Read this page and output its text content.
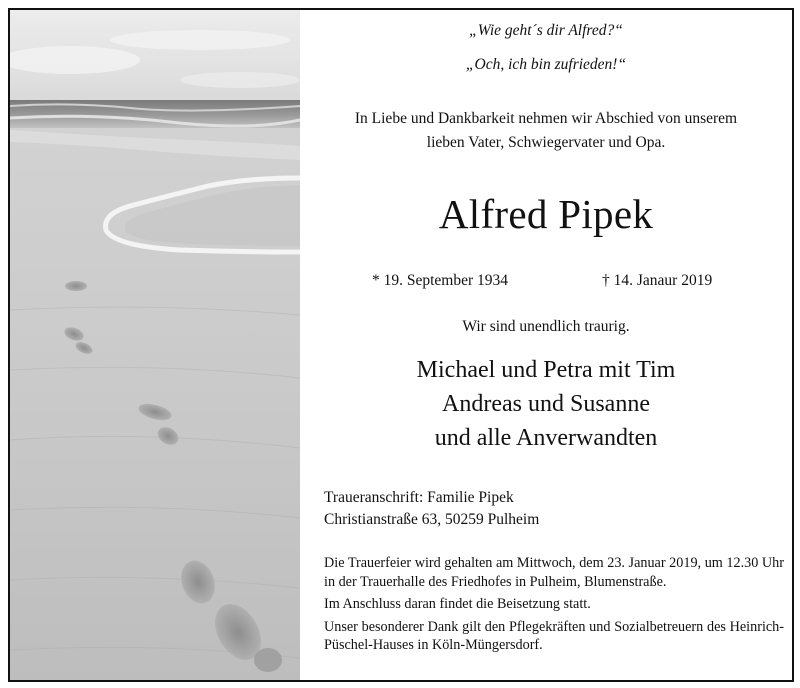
„Wie geht´s dir Alfred?“
„Och, ich bin zufrieden!“
In Liebe und Dankbarkeit nehmen wir Abschied von unserem
lieben Vater, Schwiegervater und Opa.
Alfred Pipek
* 19. September 1934	† 14. Janaur 2019
Wir sind unendlich traurig.
Michael und Petra mit Tim
Andreas und Susanne
und alle Anverwandten
Traueranschrift: Familie Pipek
Christianstraße 63, 50259 Pulheim

Die Trauerfeier wird gehalten am Mittwoch, dem 23. Januar 2019, um 12.30 Uhr in der Trauerhalle des Friedhofes in Pulheim, Blumenstraße.

Im Anschluss daran findet die Beisetzung statt.

Unser besonderer Dank gilt den Pflegekräften und Sozialbetreuern des Heinrich-Püschel-Hauses in Köln-Müngersdorf.
